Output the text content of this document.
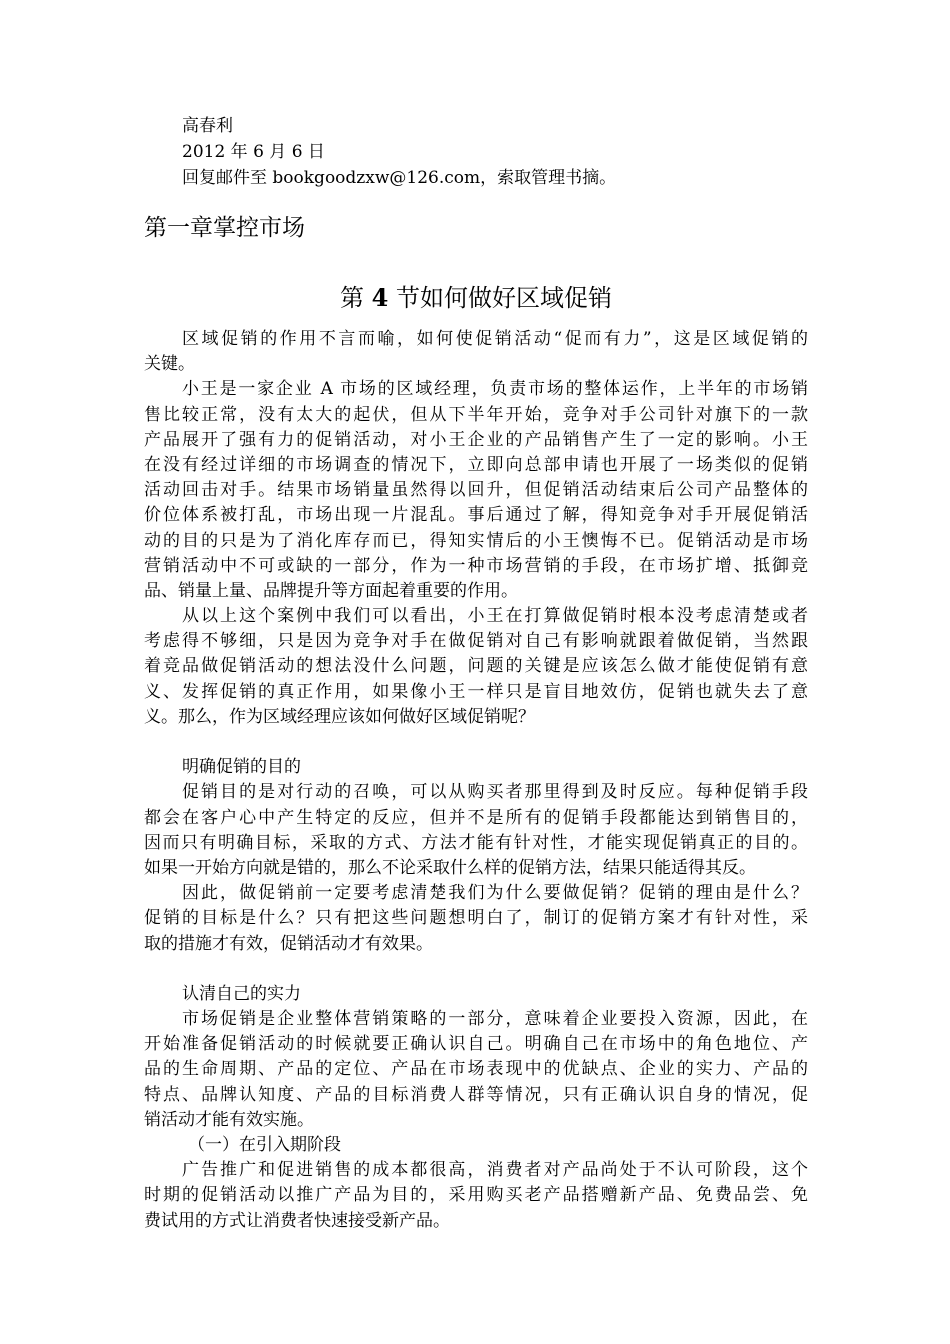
高春利
2012 年 6 月 6 日
回复邮件至 bookgoodzxw@126.com，索取管理书摘。
第一章掌控市场
第 4 节如何做好区域促销
区域促销的作用不言而喻，如何使促销活动“促而有力”，这是区域促销的
关键。
小王是一家企业 A 市场的区域经理，负责市场的整体运作，上半年的市场销
售比较正常，没有太大的起伏，但从下半年开始，竞争对手公司针对旗下的一款
产品展开了强有力的促销活动，对小王企业的产品销售产生了一定的影响。小王
在没有经过详细的市场调查的情况下，立即向总部申请也开展了一场类似的促销
活动回击对手。结果市场销量虽然得以回升，但促销活动结束后公司产品整体的
价位体系被打乱，市场出现一片混乱。事后通过了解，得知竞争对手开展促销活
动的目的只是为了消化库存而已，得知实情后的小王懊悔不已。促销活动是市场
营销活动中不可或缺的一部分，作为一种市场营销的手段，在市场扩增、抵御竞
品、销量上量、品牌提升等方面起着重要的作用。
从以上这个案例中我们可以看出，小王在打算做促销时根本没考虑清楚或者
考虑得不够细，只是因为竞争对手在做促销对自己有影响就跟着做促销，当然跟
着竞品做促销活动的想法没什么问题，问题的关键是应该怎么做才能使促销有意
义、发挥促销的真正作用，如果像小王一样只是盲目地效仿，促销也就失去了意
义。那么，作为区域经理应该如何做好区域促销呢？
明确促销的目的
促销目的是对行动的召唤，可以从购买者那里得到及时反应。每种促销手段
都会在客户心中产生特定的反应，但并不是所有的促销手段都能达到销售目的，
因而只有明确目标，采取的方式、方法才能有针对性，才能实现促销真正的目的。
如果一开始方向就是错的，那么不论采取什么样的促销方法，结果只能适得其反。
因此，做促销前一定要考虑清楚我们为什么要做促销？促销的理由是什么？
促销的目标是什么？只有把这些问题想明白了，制订的促销方案才有针对性，采
取的措施才有效，促销活动才有效果。
认清自己的实力
市场促销是企业整体营销策略的一部分，意味着企业要投入资源，因此，在
开始准备促销活动的时候就要正确认识自己。明确自己在市场中的角色地位、产
品的生命周期、产品的定位、产品在市场表现中的优缺点、企业的实力、产品的
特点、品牌认知度、产品的目标消费人群等情况，只有正确认识自身的情况，促
销活动才能有效实施。
（一）在引入期阶段
广告推广和促进销售的成本都很高，消费者对产品尚处于不认可阶段，这个
时期的促销活动以推广产品为目的，采用购买老产品搭赠新产品、免费品尝、免
费试用的方式让消费者快速接受新产品。
